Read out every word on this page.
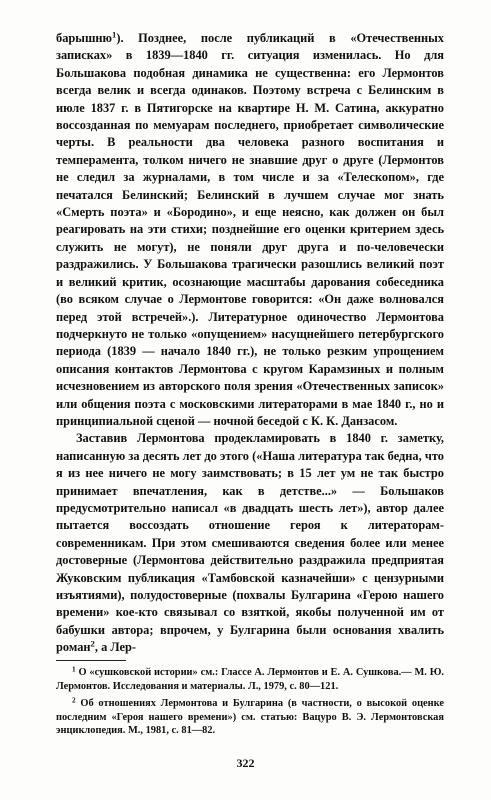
барышню$^1$). Позднее, после публикаций в «Отечественных записках» в 1839—1840 гг. ситуация изменилась. Но для Большакова подобная динамика не существенна: его Лермонтов всегда велик и всегда одинаков. Поэтому встреча с Белинским в июле 1837 г. в Пятигорске на квартире Н. М. Сатина, аккуратно воссозданная по мемуарам последнего, приобретает символические черты. В реальности два человека разного воспитания и темперамента, толком ничего не знавшие друг о друге (Лермонтов не следил за журналами, в том числе и за «Телескопом», где печатался Белинский; Белинский в лучшем случае мог знать «Смерть поэта» и «Бородино», и еще неясно, как должен он был реагировать на эти стихи; позднейшие его оценки критерием здесь служить не могут), не поняли друг друга и по-человечески раздражились. У Большакова трагически разошлись великий поэт и великий критик, осознающие масштабы дарования собеседника (во всяком случае о Лермонтове говорится: «Он даже волновался перед этой встречей».). Литературное одиночество Лермонтова подчеркнуто не только «опущением» насущнейшего петербургского периода (1839 — начало 1840 гг.), не только резким упрощением описания контактов Лермонтова с кругом Карамзиных и полным исчезновением из авторского поля зрения «Отечественных записок» или общения поэта с московскими литераторами в мае 1840 г., но и принципиальной сценой — ночной беседой с К. К. Данзасом.

Заставив Лермонтова продекламировать в 1840 г. заметку, написанную за десять лет до этого («Наша литература так бедна, что я из нее ничего не могу заимствовать; в 15 лет ум не так быстро принимает впечатления, как в детстве...» — Большаков предусмотрительно написал «в двадцать шесть лет»), автор далее пытается воссоздать отношение героя к литераторам-современникам. При этом смешиваются сведения более или менее достоверные (Лермонтова действительно раздражила предприятая Жуковским публикация «Тамбовской казначейши» с цензурными изъятиями), полудостоверные (похвалы Булгарина «Герою нашего времени» кое-кто связывал со взяткой, якобы полученной им от бабушки автора; впрочем, у Булгарина были основания хвалить роман$^2$, а Лер-

$^1$ О «сушковской истории» см.: Глассе А. Лермонтов и Е. А. Сушкова.— М. Ю. Лермонтов. Исследования и материалы. Л., 1979, с. 80—121.

$^2$ Об отношениях Лермонтова и Булгарина (в частности, о высокой оценке последним «Героя нашего времени») см. статью: Вацуро В. Э. Лермонтовская энциклопедия. М., 1981, с. 81—82.

322
